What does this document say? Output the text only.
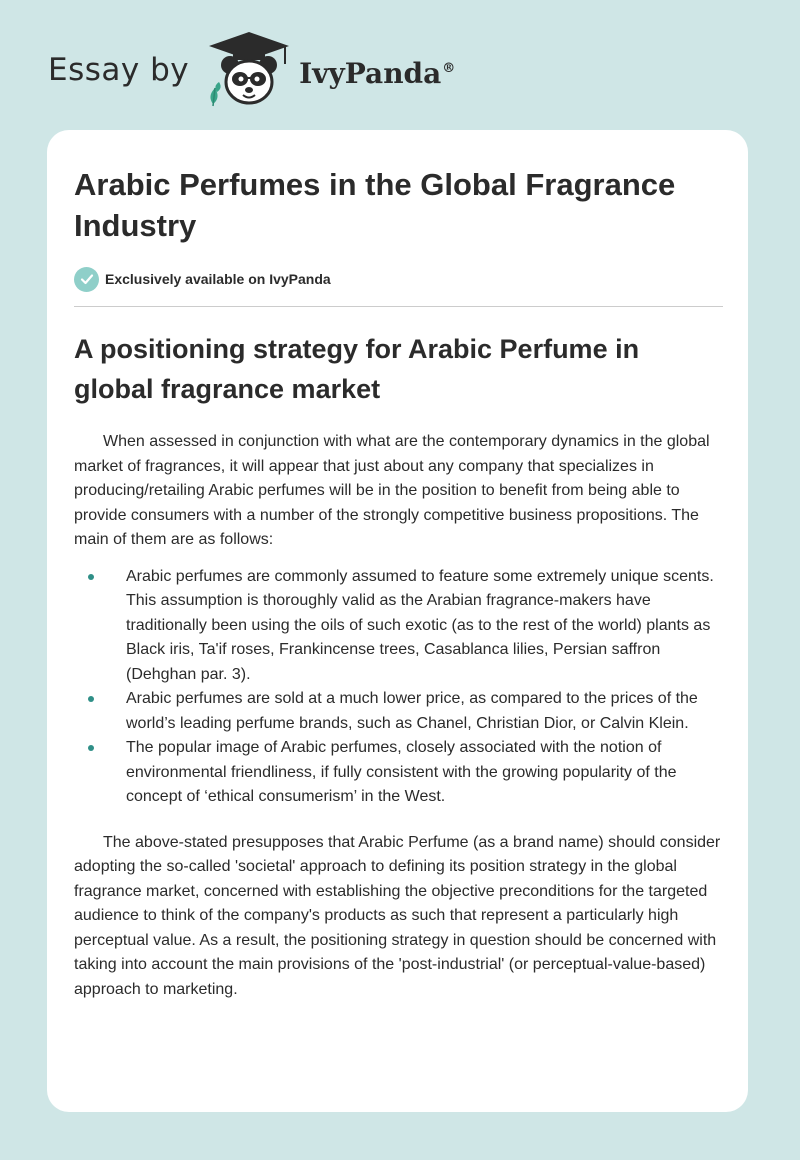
Essay by	IvyPanda®
Arabic Perfumes in the Global Fragrance Industry
Exclusively available on IvyPanda
A positioning strategy for Arabic Perfume in global fragrance market

When assessed in conjunction with what are the contemporary dynamics in the global market of fragrances, it will appear that just about any company that specializes in producing/retailing Arabic perfumes will be in the position to benefit from being able to provide consumers with a number of the strongly competitive business propositions. The main of them are as follows:

Arabic perfumes are commonly assumed to feature some extremely unique scents. This assumption is thoroughly valid as the Arabian fragrance-makers have traditionally been using the oils of such exotic (as to the rest of the world) plants as Black iris, Ta'if roses, Frankincense trees, Casablanca lilies, Persian saffron (Dehghan par. 3).
Arabic perfumes are sold at a much lower price, as compared to the prices of the world’s leading perfume brands, such as Chanel, Christian Dior, or Calvin Klein.
The popular image of Arabic perfumes, closely associated with the notion of environmental friendliness, if fully consistent with the growing popularity of the concept of ‘ethical consumerism’ in the West.

The above-stated presupposes that Arabic Perfume (as a brand name) should consider adopting the so-called 'societal' approach to defining its position strategy in the global fragrance market, concerned with establishing the objective preconditions for the targeted audience to think of the company's products as such that represent a particularly high perceptual value. As a result, the positioning strategy in question should be concerned with taking into account the main provisions of the 'post-industrial' (or perceptual-value-based) approach to marketing.
